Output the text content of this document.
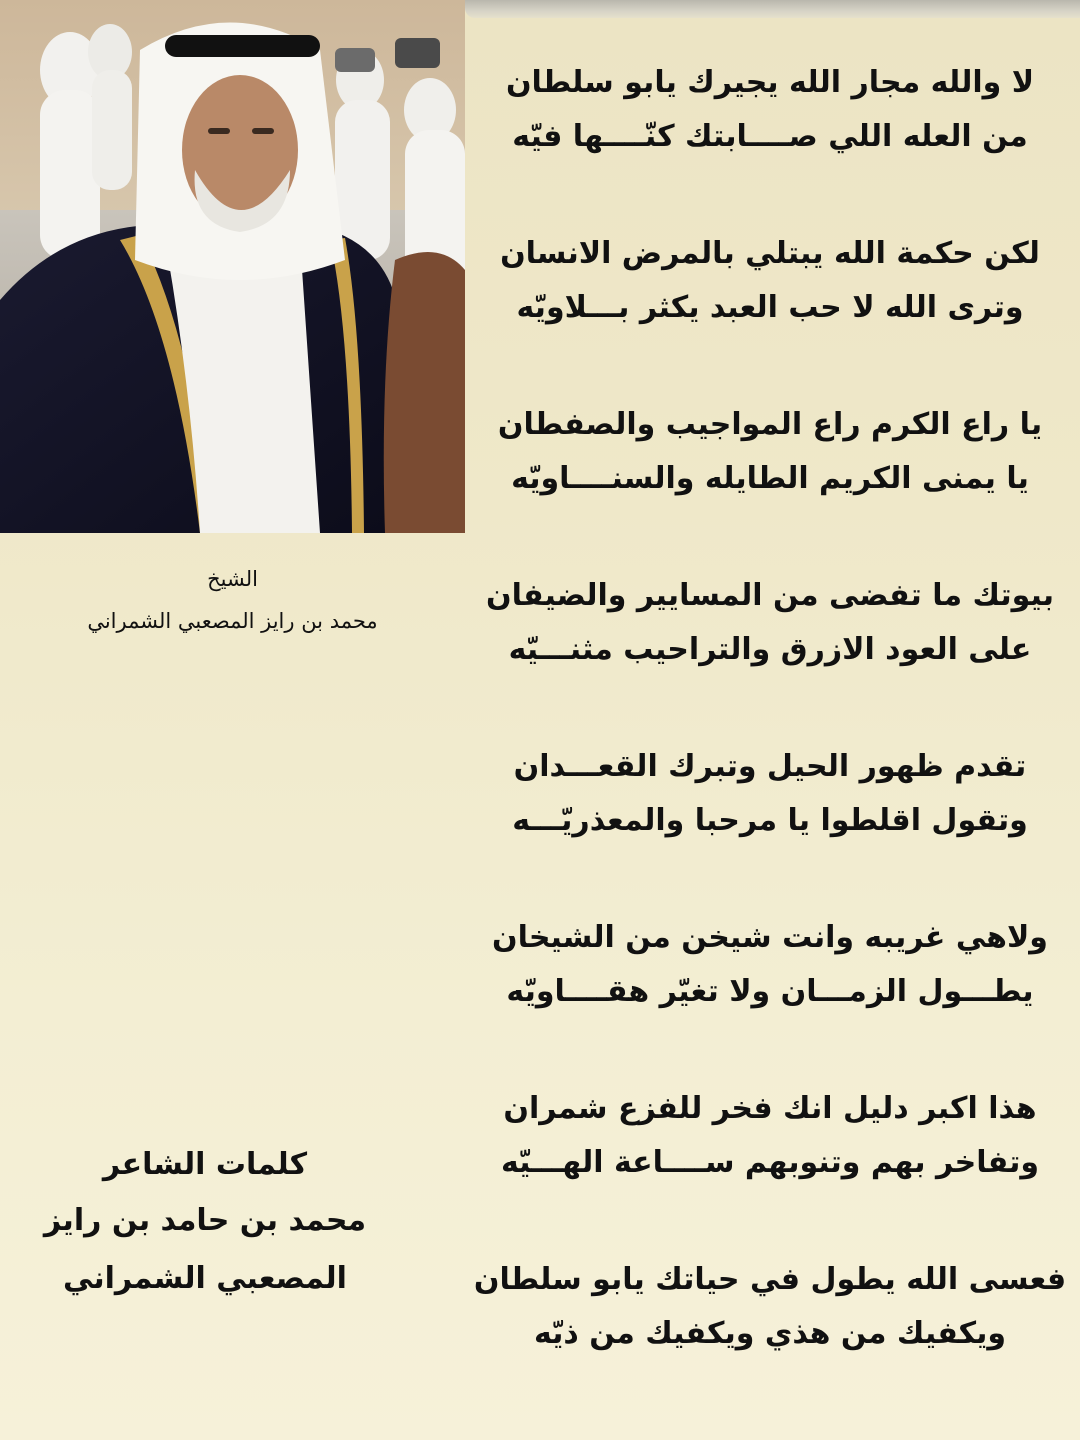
الشيخ
محمد بن رايز المصعبي الشمراني
لا والله مجار الله يجيرك يابو سلطان
من العله اللي صــــابتك كنّــــها فيّه
لكن حكمة الله يبتلي بالمرض الانسان
وترى الله لا حب العبد يكثر بـــلاويّه
يا راع الكرم راع المواجيب والصفطان
يا يمنى الكريم الطايله والسنــــاويّه
بيوتك ما تفضى من المسايير والضيفان
على العود الازرق والتراحيب مثنـــيّه
تقدم ظهور الحيل وتبرك القعـــدان
وتقول اقلطوا يا مرحبا والمعذريّـــه
ولاهي غريبه وانت شيخن من الشيخان
يطـــول الزمـــان ولا تغيّر هقــــاويّه
هذا اكبر دليل انك فخر للفزع شمران
وتفاخر بهم وتنوبهم ســــاعة الهـــيّه
فعسى الله يطول في حياتك يابو سلطان
ويكفيك من هذي ويكفيك من ذيّه
كلمات الشاعر
محمد بن حامد بن رايز
المصعبي الشمراني
